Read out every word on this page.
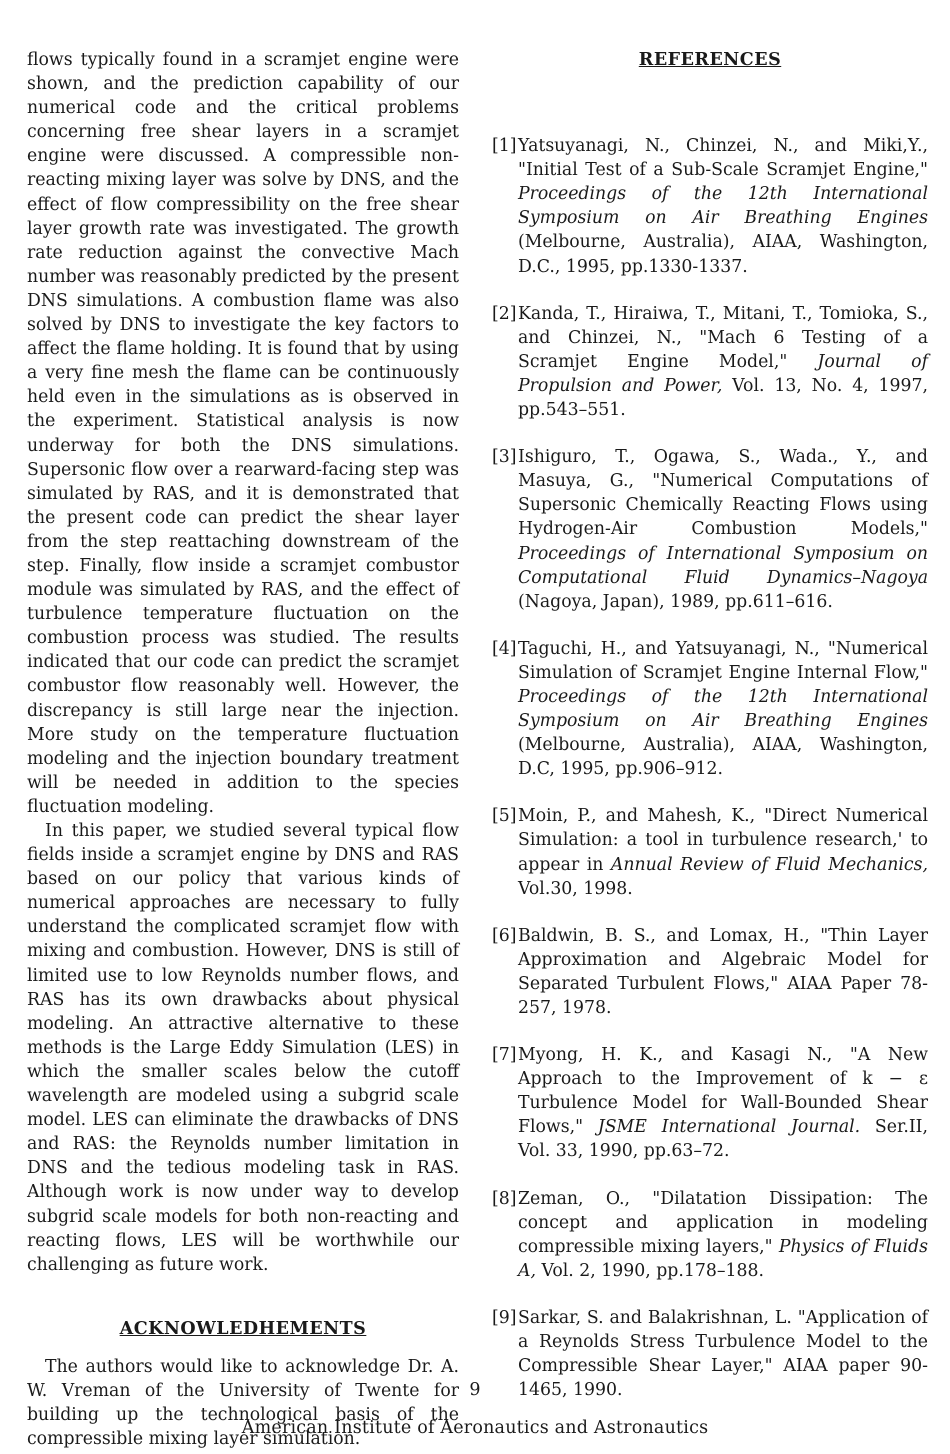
flows typically found in a scramjet engine were shown, and the prediction capability of our numerical code and the critical problems concerning free shear layers in a scramjet engine were discussed. A compressible non-reacting mixing layer was solve by DNS, and the effect of flow compressibility on the free shear layer growth rate was investigated. The growth rate reduction against the convective Mach number was reasonably predicted by the present DNS simulations. A combustion flame was also solved by DNS to investigate the key factors to affect the flame holding. It is found that by using a very fine mesh the flame can be continuously held even in the simulations as is observed in the experiment. Statistical analysis is now underway for both the DNS simulations. Supersonic flow over a rearward-facing step was simulated by RAS, and it is demonstrated that the present code can predict the shear layer from the step reattaching downstream of the step. Finally, flow inside a scramjet combustor module was simulated by RAS, and the effect of turbulence temperature fluctuation on the combustion process was studied. The results indicated that our code can predict the scramjet combustor flow reasonably well. However, the discrepancy is still large near the injection. More study on the temperature fluctuation modeling and the injection boundary treatment will be needed in addition to the species fluctuation modeling.

In this paper, we studied several typical flow fields inside a scramjet engine by DNS and RAS based on our policy that various kinds of numerical approaches are necessary to fully understand the complicated scramjet flow with mixing and combustion. However, DNS is still of limited use to low Reynolds number flows, and RAS has its own drawbacks about physical modeling. An attractive alternative to these methods is the Large Eddy Simulation (LES) in which the smaller scales below the cutoff wavelength are modeled using a subgrid scale model. LES can eliminate the drawbacks of DNS and RAS: the Reynolds number limitation in DNS and the tedious modeling task in RAS. Although work is now under way to develop subgrid scale models for both non-reacting and reacting flows, LES will be worthwhile our challenging as future work.

ACKNOWLEDHEMENTS

The authors would like to acknowledge Dr. A. W. Vreman of the University of Twente for building up the technological basis of the compressible mixing layer simulation.

REFERENCES
[1] Yatsuyanagi, N., Chinzei, N., and Miki,Y., "Initial Test of a Sub-Scale Scramjet Engine," Proceedings of the 12th International Symposium on Air Breathing Engines (Melbourne, Australia), AIAA, Washington, D.C., 1995, pp.1330-1337.
[2] Kanda, T., Hiraiwa, T., Mitani, T., Tomioka, S., and Chinzei, N., "Mach 6 Testing of a Scramjet Engine Model," Journal of Propulsion and Power, Vol. 13, No. 4, 1997, pp.543–551.
[3] Ishiguro, T., Ogawa, S., Wada., Y., and Masuya, G., "Numerical Computations of Supersonic Chemically Reacting Flows using Hydrogen-Air Combustion Models," Proceedings of International Symposium on Computational Fluid Dynamics–Nagoya (Nagoya, Japan), 1989, pp.611–616.
[4] Taguchi, H., and Yatsuyanagi, N., "Numerical Simulation of Scramjet Engine Internal Flow," Proceedings of the 12th International Symposium on Air Breathing Engines (Melbourne, Australia), AIAA, Washington, D.C, 1995, pp.906–912.
[5] Moin, P., and Mahesh, K., "Direct Numerical Simulation: a tool in turbulence research,' to appear in Annual Review of Fluid Mechanics, Vol.30, 1998.
[6] Baldwin, B. S., and Lomax, H., "Thin Layer Approximation and Algebraic Model for Separated Turbulent Flows," AIAA Paper 78-257, 1978.
[7] Myong, H. K., and Kasagi N., "A New Approach to the Improvement of k − ε Turbulence Model for Wall-Bounded Shear Flows," JSME International Journal. Ser.II, Vol. 33, 1990, pp.63–72.
[8] Zeman, O., "Dilatation Dissipation: The concept and application in modeling compressible mixing layers," Physics of Fluids A, Vol. 2, 1990, pp.178–188.
[9] Sarkar, S. and Balakrishnan, L. "Application of a Reynolds Stress Turbulence Model to the Compressible Shear Layer," AIAA paper 90-1465, 1990.
9
American Institute of Aeronautics and Astronautics
